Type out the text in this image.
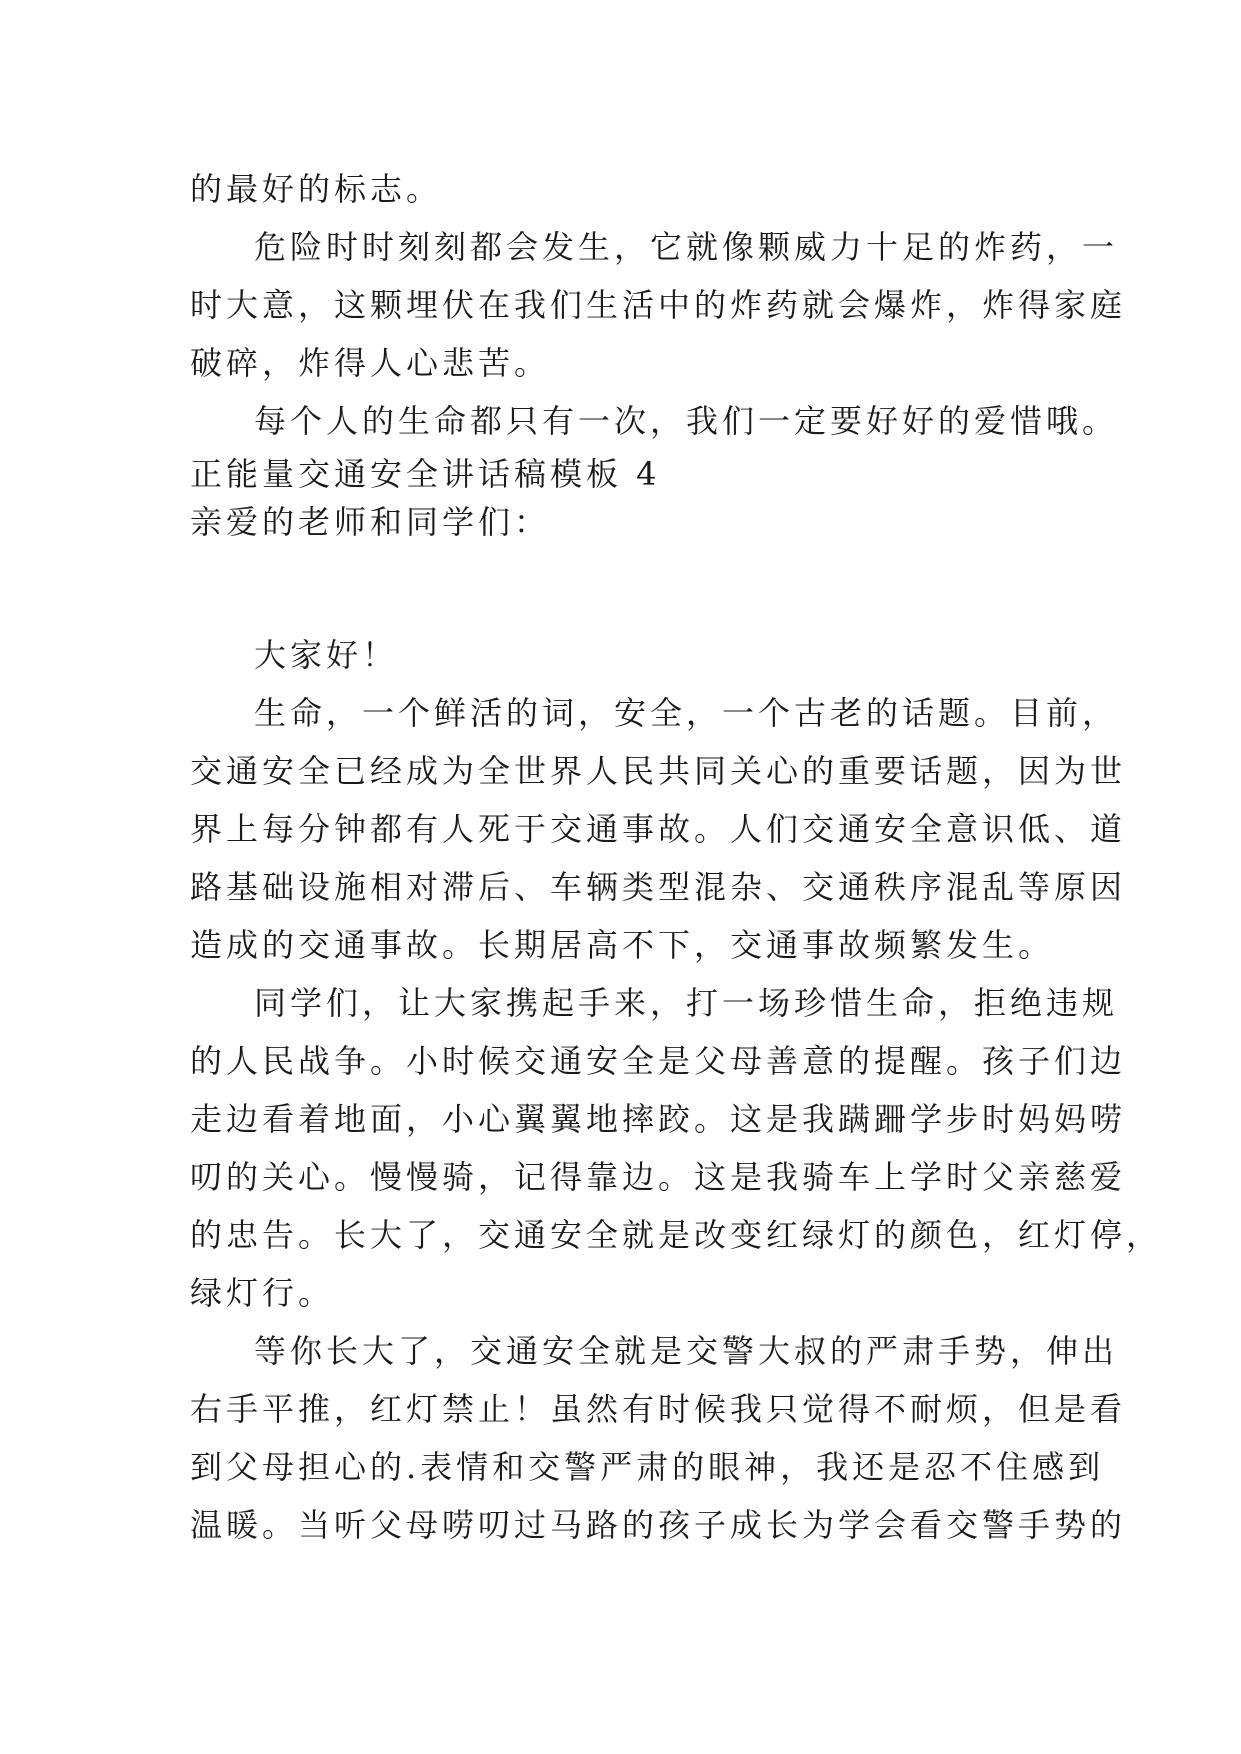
的最好的标志。
危险时时刻刻都会发生，它就像颗威力十足的炸药，一
时大意，这颗埋伏在我们生活中的炸药就会爆炸，炸得家庭
破碎，炸得人心悲苦。
每个人的生命都只有一次，我们一定要好好的爱惜哦。
正能量交通安全讲话稿模板 4
亲爱的老师和同学们：
大家好！
生命，一个鲜活的词，安全，一个古老的话题。目前，
交通安全已经成为全世界人民共同关心的重要话题，因为世
界上每分钟都有人死于交通事故。人们交通安全意识低、道
路基础设施相对滞后、车辆类型混杂、交通秩序混乱等原因
造成的交通事故。长期居高不下，交通事故频繁发生。
同学们，让大家携起手来，打一场珍惜生命，拒绝违规
的人民战争。小时候交通安全是父母善意的提醒。孩子们边
走边看着地面，小心翼翼地摔跤。这是我蹒跚学步时妈妈唠
叨的关心。慢慢骑，记得靠边。这是我骑车上学时父亲慈爱
的忠告。长大了，交通安全就是改变红绿灯的颜色，红灯停，
绿灯行。
等你长大了，交通安全就是交警大叔的严肃手势，伸出
右手平推，红灯禁止！虽然有时候我只觉得不耐烦，但是看
到父母担心的.表情和交警严肃的眼神，我还是忍不住感到
温暖。当听父母唠叨过马路的孩子成长为学会看交警手势的
